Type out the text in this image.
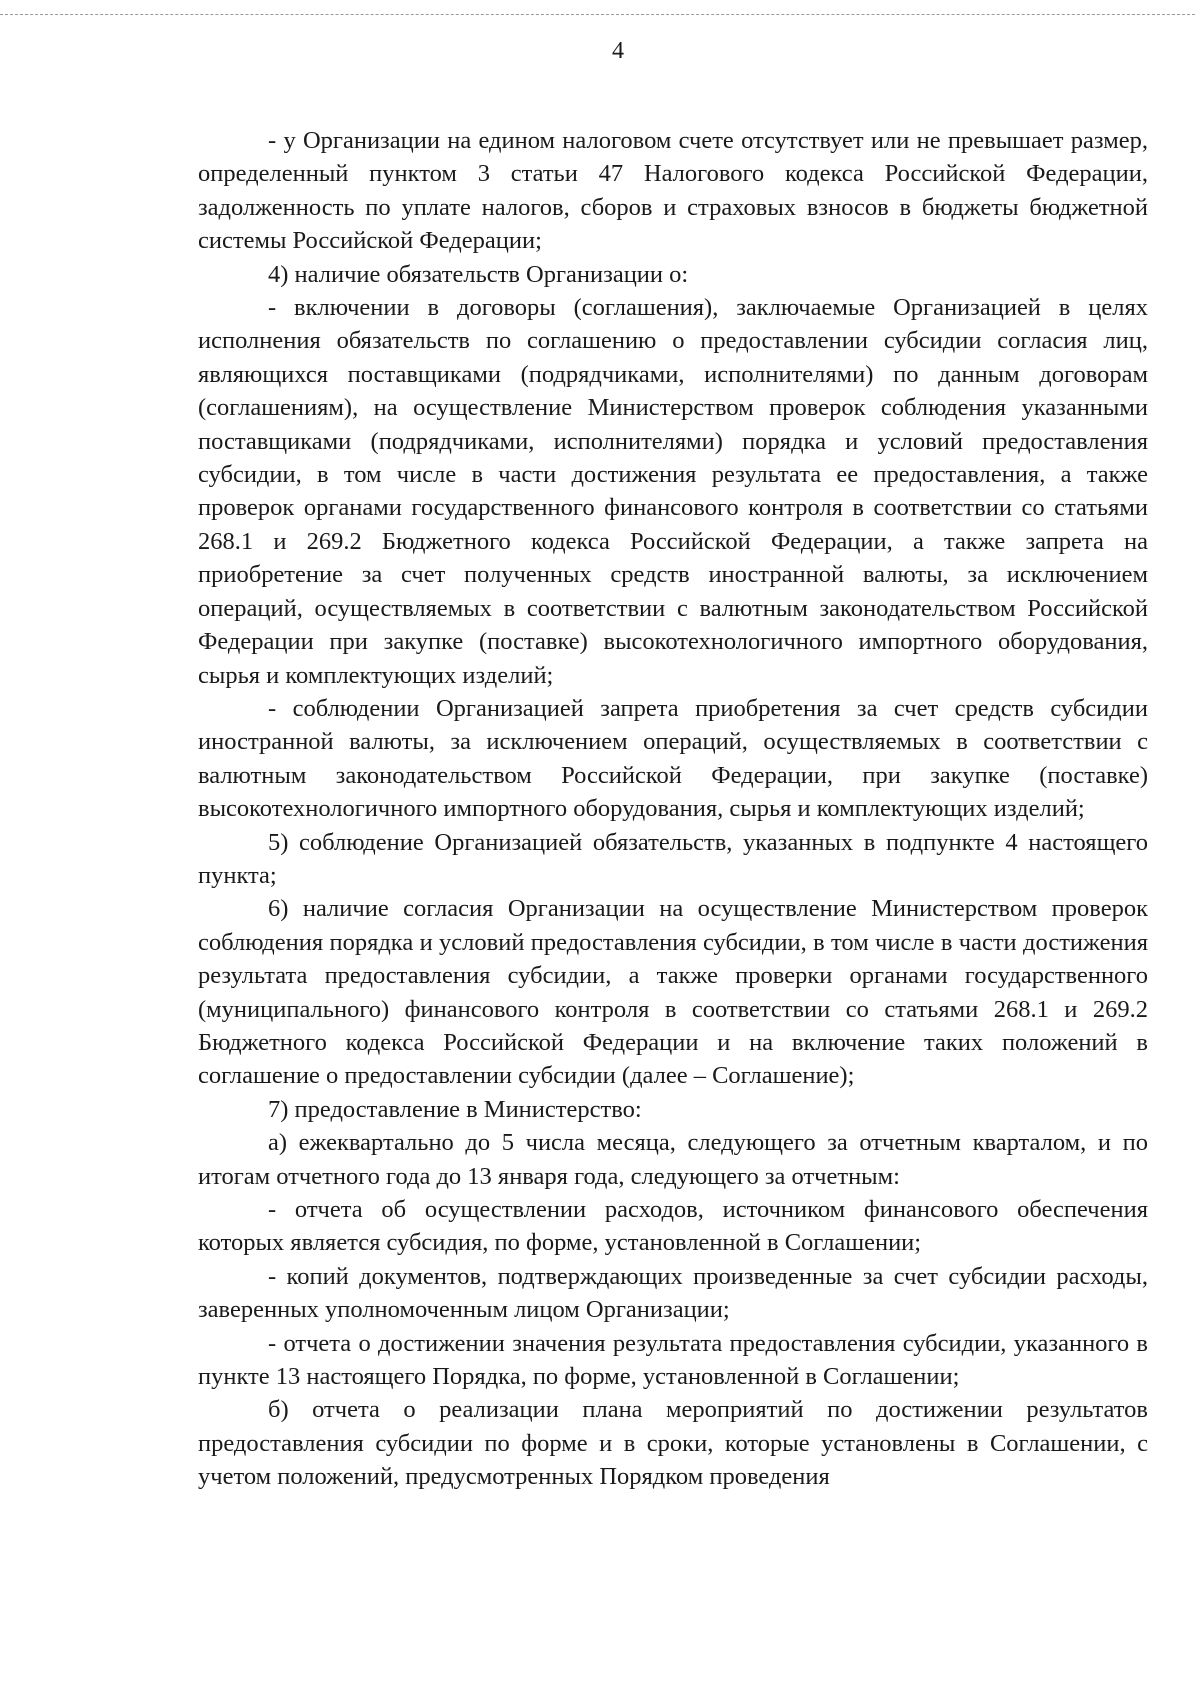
4

- у Организации на едином налоговом счете отсутствует или не превышает размер, определенный пунктом 3 статьи 47 Налогового кодекса Российской Федерации, задолженность по уплате налогов, сборов и страховых взносов в бюджеты бюджетной системы Российской Федерации;

4) наличие обязательств Организации о:

- включении в договоры (соглашения), заключаемые Организацией в целях исполнения обязательств по соглашению о предоставлении субсидии согласия лиц, являющихся поставщиками (подрядчиками, исполнителями) по данным договорам (соглашениям), на осуществление Министерством проверок соблюдения указанными поставщиками (подрядчиками, исполнителями) порядка и условий предоставления субсидии, в том числе в части достижения результата ее предоставления, а также проверок органами государственного финансового контроля в соответствии со статьями 268.1 и 269.2 Бюджетного кодекса Российской Федерации, а также запрета на приобретение за счет полученных средств иностранной валюты, за исключением операций, осуществляемых в соответствии с валютным законодательством Российской Федерации при закупке (поставке) высокотехнологичного импортного оборудования, сырья и комплектующих изделий;

- соблюдении Организацией запрета приобретения за счет средств субсидии иностранной валюты, за исключением операций, осуществляемых в соответствии с валютным законодательством Российской Федерации, при закупке (поставке) высокотехнологичного импортного оборудования, сырья и комплектующих изделий;

5) соблюдение Организацией обязательств, указанных в подпункте 4 настоящего пункта;

6) наличие согласия Организации на осуществление Министерством проверок соблюдения порядка и условий предоставления субсидии, в том числе в части достижения результата предоставления субсидии, а также проверки органами государственного (муниципального) финансового контроля в соответствии со статьями 268.1 и 269.2 Бюджетного кодекса Российской Федерации и на включение таких положений в соглашение о предоставлении субсидии (далее – Соглашение);

7) предоставление в Министерство:

а) ежеквартально до 5 числа месяца, следующего за отчетным кварталом, и по итогам отчетного года до 13 января года, следующего за отчетным:

- отчета об осуществлении расходов, источником финансового обеспечения которых является субсидия, по форме, установленной в Соглашении;

- копий документов, подтверждающих произведенные за счет субсидии расходы, заверенных уполномоченным лицом Организации;

- отчета о достижении значения результата предоставления субсидии, указанного в пункте 13 настоящего Порядка, по форме, установленной в Соглашении;

б) отчета о реализации плана мероприятий по достижении результатов предоставления субсидии по форме и в сроки, которые установлены в Соглашении, с учетом положений, предусмотренных Порядком проведения
